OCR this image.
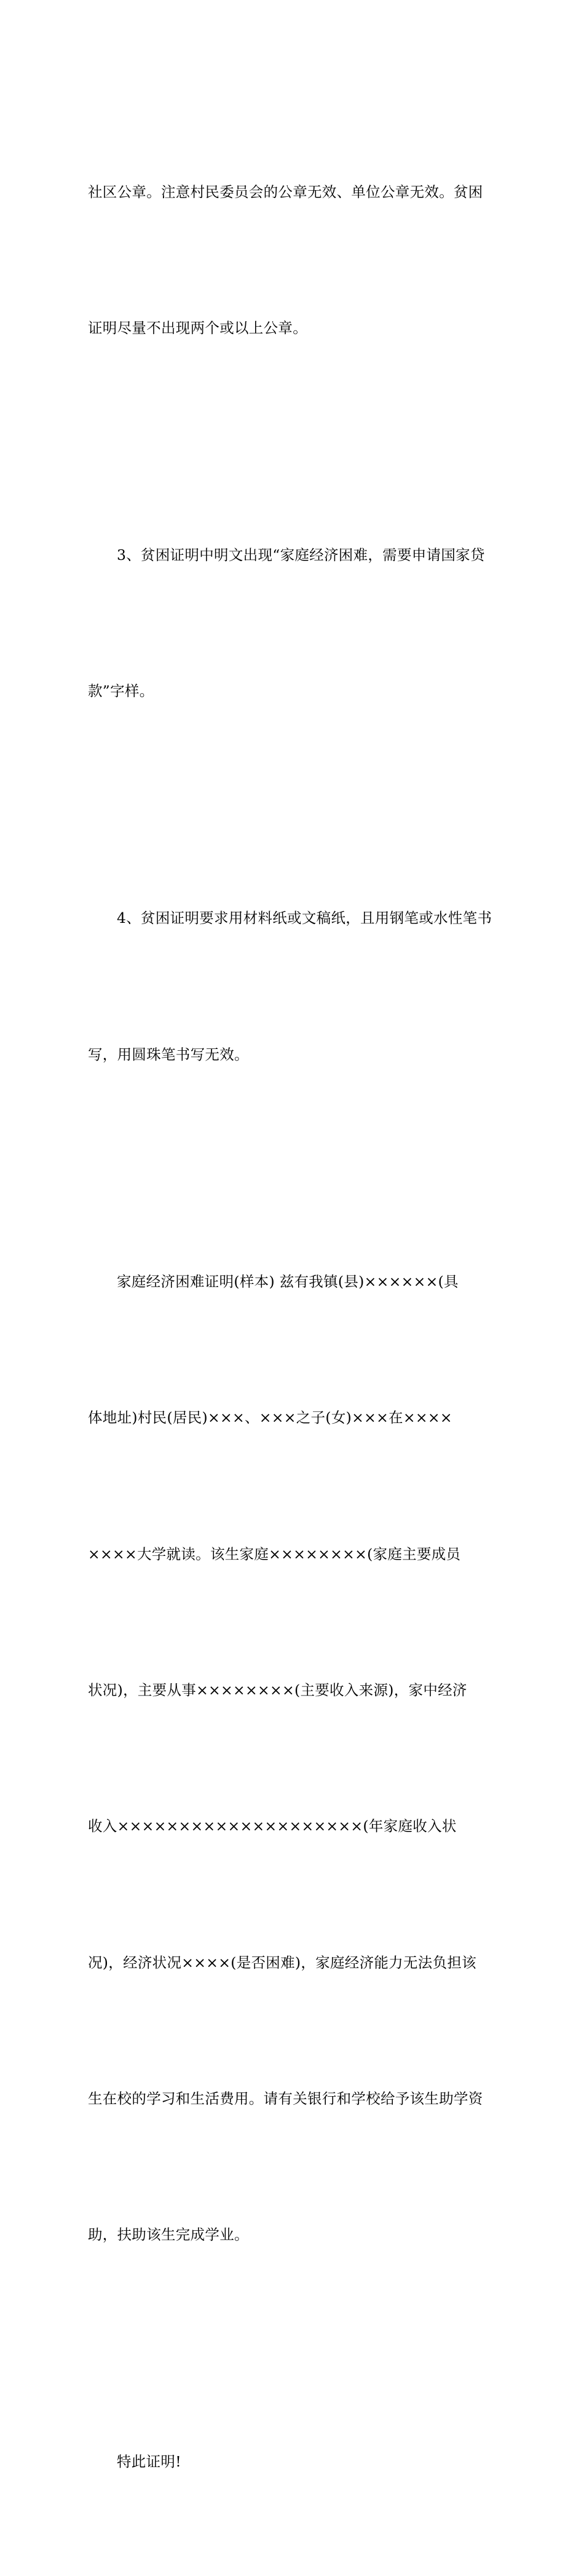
社区公章。注意村民委员会的公章无效、单位公章无效。贫困

证明尽量不出现两个或以上公章。

3、贫困证明中明文出现“家庭经济困难，需要申请国家贷

款”字样。

4、贫困证明要求用材料纸或文稿纸，且用钢笔或水性笔书

写，用圆珠笔书写无效。

家庭经济困难证明(样本) 兹有我镇(县)××××××(具

体地址)村民(居民)×××、×××之子(女)×××在××××

××××大学就读。该生家庭××××××××(家庭主要成员

状况)，主要从事××××××××(主要收入来源)，家中经济

收入××××××××××××××××××××(年家庭收入状

况)，经济状况××××(是否困难)，家庭经济能力无法负担该

生在校的学习和生活费用。请有关银行和学校给予该生助学资

助，扶助该生完成学业。

特此证明!
